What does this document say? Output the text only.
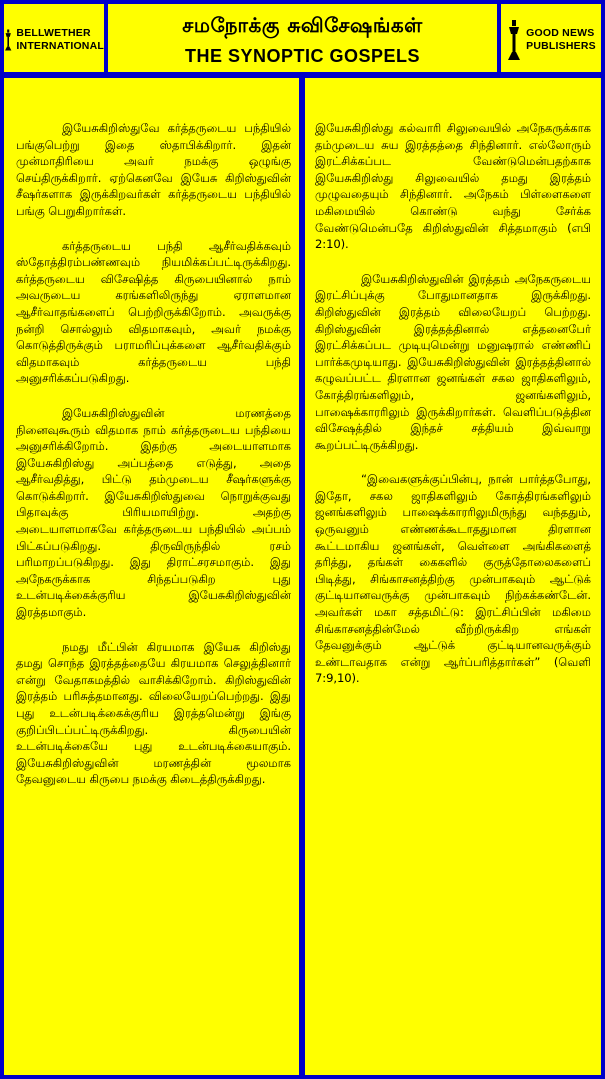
BELLWETHER
INTERNATIONAL
சமநோக்கு சுவிசேஷங்கள்
THE SYNOPTIC GOSPELS
GOOD NEWS
PUBLISHERS

இயேசுகிறிஸ்துவே கர்த்தருடைய பந்தியில் பங்குபெற்று இதை ஸ்தாபிக்கிறார். இதன் முன்மாதிரியை அவர் நமக்கு ஒழுங்கு செய்திருக்கிறார். ஏற்கெனவே இயேசு கிறிஸ்துவின் சீஷர்களாக இருக்கிறவர்கள் கர்த்தருடைய பந்தியில் பங்கு பெறுகிறார்கள்.

கர்த்தருடைய பந்தி ஆசீர்வதிக்கவும் ஸ்தோத்திரம்பண்ணவும் நியமிக்கப்பட்டிருக்கிறது. கர்த்தருடைய விசேஷித்த கிருபையினால் நாம் அவருடைய கரங்களிலிருந்து ஏராளமான ஆசீர்வாதங்களைப் பெற்றிருக்கிறோம். அவருக்கு நன்றி சொல்லும் விதமாகவும், அவர் நமக்கு கொடுத்திருக்கும் பராமரிப்புக்களை ஆசீர்வதிக்கும் விதமாகவும் கர்த்தருடைய பந்தி அனுசரிக்கப்படுகிறது.

இயேசுகிறிஸ்துவின் மரணத்தை நினைவுகூரும் விதமாக நாம் கர்த்தருடைய பந்தியை அனுசரிக்கிறோம். இதற்கு அடையாளமாக இயேசுகிறிஸ்து அப்பத்தை எடுத்து, அதை ஆசீர்வதித்து, பிட்டு தம்முடைய சீஷர்களுக்கு கொடுக்கிறார். இயேசுகிறிஸ்துவை நொறுக்குவது பிதாவுக்கு பிரியமாயிற்று. அதற்கு அடையாளமாகவே கர்த்தருடைய பந்தியில் அப்பம் பிட்கப்படுகிறது. திருவிருந்தில் ரசம் பரிமாறப்படுகிறது. இது திராட்சரசமாகும். இது அநேகருக்காக சிந்தப்படுகிற புது உடன்படிக்கைக்குரிய இயேசுகிறிஸ்துவின் இரத்தமாகும்.

நமது மீட்பின் கிரயமாக இயேசு கிறிஸ்து தமது சொந்த இரத்தத்தையே கிரயமாக செலுத்தினார் என்று வேதாகமத்தில் வாசிக்கிறோம். கிறிஸ்துவின் இரத்தம் பரிசுத்தமானது. விலையேறப்பெற்றது. இது புது உடன்படிக்கைக்குரிய இரத்தமென்று இங்கு குறிப்பிடப்பட்டிருக்கிறது. கிருபையின் உடன்படிக்கையே புது உடன்படிக்கையாகும். இயேசுகிறிஸ்துவின் மரணத்தின் மூலமாக தேவனுடைய கிருபை நமக்கு கிடைத்திருக்கிறது.

இயேசுகிறிஸ்து கல்வாரி சிலுவையில் அநேகருக்காக தம்முடைய சுய இரத்தத்தை சிந்தினார். எல்லோரும் இரட்சிக்கப்பட வேண்டுமென்பதற்காக இயேசுகிறிஸ்து சிலுவையில் தமது இரத்தம் முழுவதையும் சிந்தினார். அநேகம் பிள்ளைகளை மகிமையில் கொண்டு வந்து சேர்க்க வேண்டுமென்பதே கிறிஸ்துவின் சித்தமாகும் (எபி 2:10).

இயேசுகிறிஸ்துவின் இரத்தம் அநேகருடைய இரட்சிப்புக்கு போதுமானதாக இருக்கிறது. கிறிஸ்துவின் இரத்தம் விலையேறப் பெற்றது. கிறிஸ்துவின் இரத்தத்தினால் எத்தனைபேர் இரட்சிக்கப்பட முடியுமென்று மனுஷரால் எண்ணிப் பார்க்கமுடியாது. இயேசுகிறிஸ்துவின் இரத்தத்தினால் கழுவப்பட்ட திரளான ஜனங்கள் சகல ஜாதிகளிலும், கோத்திரங்களிலும், ஜனங்களிலும், பாஷைக்காரரிலும் இருக்கிறார்கள். வெளிப்படுத்தின விசேஷத்தில் இந்தச் சத்தியம் இவ்வாறு கூறப்பட்டிருக்கிறது.

“இவைகளுக்குப்பின்பு, நான் பார்த்தபோது, இதோ, சகல ஜாதிகளிலும் கோத்திரங்களிலும் ஜனங்களிலும் பாஷைக்காரரிலுமிருந்து வந்ததும், ஒருவனும் எண்ணக்கூடாததுமான திரளான கூட்டமாகிய ஜனங்கள், வெள்ளை அங்கிகளைத் தரித்து, தங்கள் கைகளில் குருத்தோலைகளைப் பிடித்து, சிங்காசனத்திற்கு முன்பாகவும் ஆட்டுக் குட்டியானவருக்கு முன்பாகவும் நிற்கக்கண்டேன். அவர்கள் மகா சத்தமிட்டு: இரட்சிப்பின் மகிமை சிங்காசனத்தின்மேல் வீற்றிருக்கிற எங்கள் தேவனுக்கும் ஆட்டுக் குட்டியானவருக்கும் உண்டாவதாக என்று ஆர்ப்பரித்தார்கள்” (வெளி 7:9,10).
